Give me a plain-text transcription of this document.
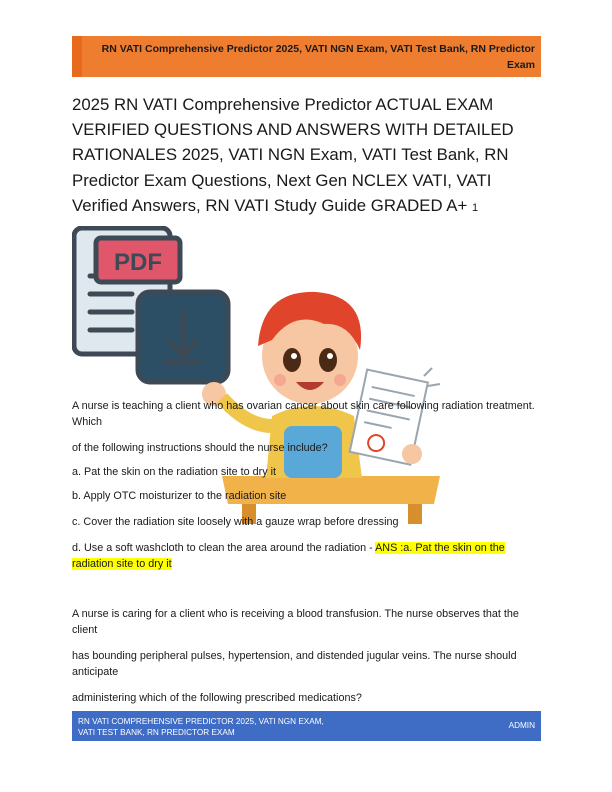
RN VATI Comprehensive Predictor 2025, VATI NGN Exam, VATI Test Bank, RN Predictor Exam
2025 RN VATI Comprehensive Predictor ACTUAL EXAM VERIFIED QUESTIONS AND ANSWERS WITH DETAILED RATIONALES 2025, VATI NGN Exam, VATI Test Bank, RN Predictor Exam Questions, Next Gen NCLEX VATI, VATI Verified Answers, RN VATI Study Guide GRADED A+ 1
PDF
A nurse is teaching a client who has ovarian cancer about skin care following radiation treatment. Which
of the following instructions should the nurse include?
a. Pat the skin on the radiation site to dry it
b. Apply OTC moisturizer to the radiation site
c. Cover the radiation site loosely with a gauze wrap before dressing
d. Use a soft washcloth to clean the area around the radiation - ANS :a. Pat the skin on the radiation site to dry it
A nurse is caring for a client who is receiving a blood transfusion. The nurse observes that the client
has bounding peripheral pulses, hypertension, and distended jugular veins. The nurse should anticipate
administering which of the following prescribed medications?
RN VATI COMPREHENSIVE PREDICTOR 2025, VATI NGN EXAM, VATI TEST BANK, RN PREDICTOR EXAM
ADMIN
